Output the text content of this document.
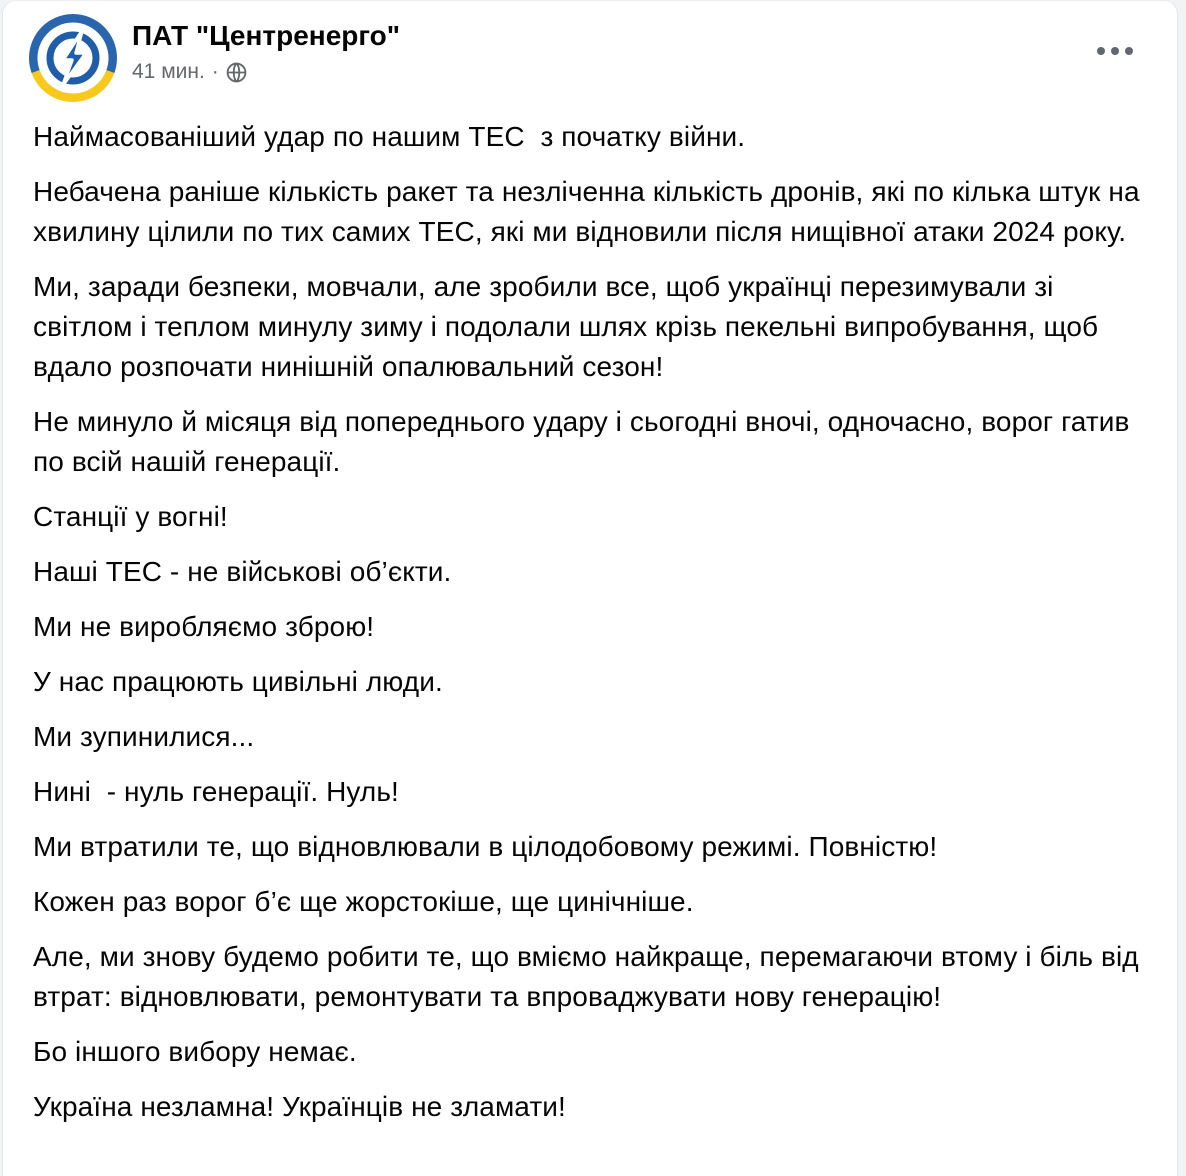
ПАТ "Центренерго"
41 мин. ·

Наймасованіший удар по нашим ТЕС  з початку війни.

Небачена раніше кількість ракет та незліченна кількість дронів, які по кілька штук на хвилину цілили по тих самих ТЕС, які ми відновили після нищівної атаки 2024 року.

Ми, заради безпеки, мовчали, але зробили все, щоб українці перезимували зі світлом і теплом минулу зиму і подолали шлях крізь пекельні випробування, щоб вдало розпочати нинішній опалювальний сезон!

Не минуло й місяця від попереднього удару і сьогодні вночі, одночасно, ворог гатив по всій нашій генерації.

Станції у вогні!

Наші ТЕС - не військові об’єкти.

Ми не виробляємо зброю!

У нас працюють цивільні люди.

Ми зупинилися...

Нині  - нуль генерації. Нуль!

Ми втратили те, що відновлювали в цілодобовому режимі. Повністю!

Кожен раз ворог б’є ще жорстокіше, ще цинічніше.

Але, ми знову будемо робити те, що вміємо найкраще, перемагаючи втому і біль від втрат: відновлювати, ремонтувати та впроваджувати нову генерацію!

Бо іншого вибору немає.

Україна незламна! Українців не зламати!
